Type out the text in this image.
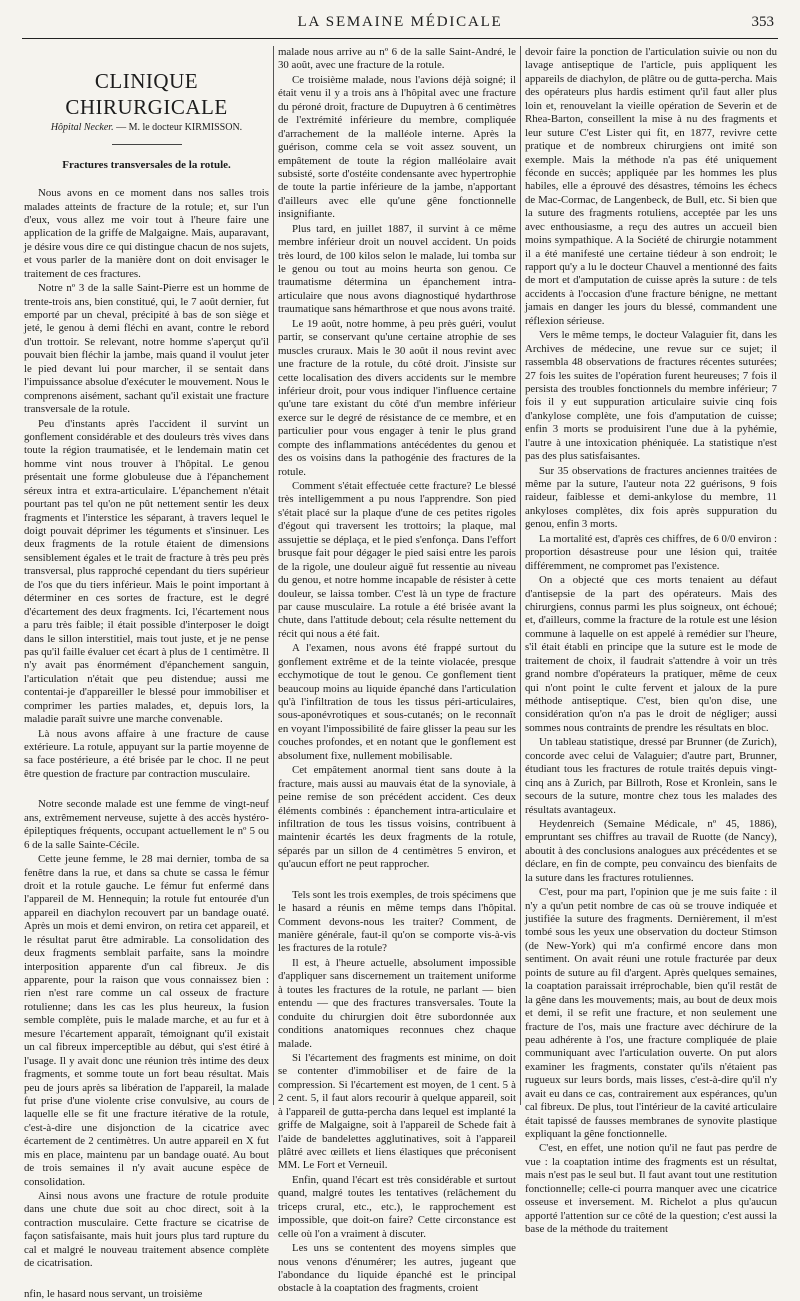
LA SEMAINE MÉDICALE	353
CLINIQUE CHIRURGICALE
Hôpital Necker. — M. le docteur KIRMISSON.
Fractures transversales de la rotule.

Nous avons en ce moment dans nos salles trois malades atteints de fracture de la rotule; et, sur l'un d'eux, vous allez me voir tout à l'heure faire une application de la griffe de Malgaigne. Mais, auparavant, je désire vous dire ce qui distingue chacun de nos sujets, et vous parler de la manière dont on doit envisager le traitement de ces fractures.

Notre nº 3 de la salle Saint-Pierre est un homme de trente-trois ans, bien constitué, qui, le 7 août dernier, fut emporté par un cheval, précipité à bas de son siège et jeté, le genou à demi fléchi en avant, contre le rebord d'un trottoir. Se relevant, notre homme s'aperçut qu'il pouvait bien fléchir la jambe, mais quand il voulut jeter le pied devant lui pour marcher, il se sentait dans l'impuissance absolue d'exécuter le mouvement. Nous le comprenons aisément, sachant qu'il existait une fracture transversale de la rotule.

Peu d'instants après l'accident il survint un gonflement considérable et des douleurs très vives dans toute la région traumatisée, et le lendemain matin cet homme vint nous trouver à l'hôpital. Le genou présentait une forme globuleuse due à l'épanchement séreux intra et extra-articulaire. L'épanchement n'était pourtant pas tel qu'on ne pût nettement sentir les deux fragments et l'interstice les séparant, à travers lequel le doigt pouvait déprimer les téguments et s'insinuer. Les deux fragments de la rotule étaient de dimensions sensiblement égales et le trait de fracture à très peu près transversal, plus rapproché cependant du tiers supérieur de l'os que du tiers inférieur. Mais le point important à déterminer en ces sortes de fracture, est le degré d'écartement des deux fragments. Ici, l'écartement nous a paru très faible; il était possible d'interposer le doigt dans le sillon interstitiel, mais tout juste, et je ne pense pas qu'il faille évaluer cet écart à plus de 1 centimètre. Il n'y avait pas énormément d'épanchement sanguin, l'articulation n'était que peu distendue; aussi me contentai-je d'appareiller le blessé pour immobiliser et comprimer les parties malades, et, depuis lors, la maladie paraît suivre une marche convenable.

Là nous avons affaire à une fracture de cause extérieure. La rotule, appuyant sur la partie moyenne de sa face postérieure, a été brisée par le choc. Il ne peut être question de fracture par contraction musculaire.

Notre seconde malade est une femme de vingt-neuf ans, extrêmement nerveuse, sujette à des accès hystéro-épileptiques fréquents, occupant actuellement le nº 5 ou 6 de la salle Sainte-Cécile.

Cette jeune femme, le 28 mai dernier, tomba de sa fenêtre dans la rue, et dans sa chute se cassa le fémur droit et la rotule gauche. Le fémur fut enfermé dans l'appareil de M. Hennequin; la rotule fut entourée d'un appareil en diachylon recouvert par un bandage ouaté. Après un mois et demi environ, on retira cet appareil, et le résultat parut être admirable. La consolidation des deux fragments semblait parfaite, sans la moindre interposition apparente d'un cal fibreux. Je dis apparente, pour la raison que vous connaissez bien : rien n'est rare comme un cal osseux de fracture rotulienne; dans les cas les plus heureux, la fusion semble complète, puis le malade marche, et au fur et à mesure l'écartement apparaît, témoignant qu'il existait un cal fibreux imperceptible au début, qui s'est étiré à l'usage. Il y avait donc une réunion très intime des deux fragments, et somme toute un fort beau résultat. Mais peu de jours après sa libération de l'appareil, la malade fut prise d'une violente crise convulsive, au cours de laquelle elle se fit une fracture itérative de la rotule, c'est-à-dire une disjonction de la cicatrice avec écartement de 2 centimètres. Un autre appareil en X fut mis en place, maintenu par un bandage ouaté. Au bout de trois semaines il n'y avait aucune espèce de consolidation.

Ainsi nous avons une fracture de rotule produite dans une chute due soit au choc direct, soit à la contraction musculaire. Cette fracture se cicatrise de façon satisfaisante, mais huit jours plus tard rupture du cal et malgré le nouveau traitement absence complète de cicatrisation.

nfin, le hasard nous servant, un troisième

malade nous arrive au nº 6 de la salle Saint-André, le 30 août, avec une fracture de la rotule.

Ce troisième malade, nous l'avions déjà soigné; il était venu il y a trois ans à l'hôpital avec une fracture du péroné droit, fracture de Dupuytren à 6 centimètres de l'extrémité inférieure du membre, compliquée d'arrachement de la malléole interne. Après la guérison, comme cela se voit assez souvent, un empâtement de toute la région malléolaire avait subsisté, sorte d'ostéite condensante avec hypertrophie de toute la partie inférieure de la jambe, n'apportant d'ailleurs avec elle qu'une gêne fonctionnelle insignifiante.

Plus tard, en juillet 1887, il survint à ce même membre inférieur droit un nouvel accident. Un poids très lourd, de 100 kilos selon le malade, lui tomba sur le genou ou tout au moins heurta son genou. Ce traumatisme détermina un épanchement intra-articulaire que nous avons diagnostiqué hydarthrose traumatique sans hémarthrose et que nous avons traité.

Le 19 août, notre homme, à peu près guéri, voulut partir, se conservant qu'une certaine atrophie de ses muscles cruraux. Mais le 30 août il nous revint avec une fracture de la rotule, du côté droit. J'insiste sur cette localisation des divers accidents sur le membre inférieur droit, pour vous indiquer l'influence certaine qu'une tare existant du côté d'un membre inférieur exerce sur le degré de résistance de ce membre, et en particulier pour vous engager à tenir le plus grand compte des inflammations antécédentes du genou et des os voisins dans la pathogénie des fractures de la rotule.

Comment s'était effectuée cette fracture? Le blessé très intelligemment a pu nous l'apprendre. Son pied s'était placé sur la plaque d'une de ces petites rigoles d'égout qui traversent les trottoirs; la plaque, mal assujettie se déplaça, et le pied s'enfonça. Dans l'effort brusque fait pour dégager le pied saisi entre les parois de la rigole, une douleur aiguë fut ressentie au niveau du genou, et notre homme incapable de résister à cette douleur, se laissa tomber. C'est là un type de fracture par cause musculaire. La rotule a été brisée avant la chute, dans l'attitude debout; cela résulte nettement du récit qui nous a été fait.

A l'examen, nous avons été frappé surtout du gonflement extrême et de la teinte violacée, presque ecchymotique de tout le genou. Ce gonflement tient beaucoup moins au liquide épanché dans l'articulation qu'à l'infiltration de tous les tissus péri-articulaires, sous-aponévrotiques et sous-cutanés; on le reconnaît en voyant l'impossibilité de faire glisser la peau sur les couches profondes, et en notant que le gonflement est absolument fixe, nullement mobilisable.

Cet empâtement anormal tient sans doute à la fracture, mais aussi au mauvais état de la synoviale, à peine remise de son précédent accident. Ces deux éléments combinés : épanchement intra-articulaire et infiltration de tous les tissus voisins, contribuent à maintenir écartés les deux fragments de la rotule, séparés par un sillon de 4 centimètres 5 environ, et qu'aucun effort ne peut rapprocher.

Tels sont les trois exemples, de trois spécimens que le hasard a réunis en même temps dans l'hôpital. Comment devons-nous les traiter? Comment, de manière générale, faut-il qu'on se comporte vis-à-vis les fractures de la rotule?

Il est, à l'heure actuelle, absolument impossible d'appliquer sans discernement un traitement uniforme à toutes les fractures de la rotule, ne parlant — bien entendu — que des fractures transversales. Toute la conduite du chirurgien doit être subordonnée aux conditions anatomiques reconnues chez chaque malade.

Si l'écartement des fragments est minime, on doit se contenter d'immobiliser et de faire de la compression. Si l'écartement est moyen, de 1 cent. 5 à 2 cent. 5, il faut alors recourir à quelque appareil, soit à l'appareil de gutta-percha dans lequel est implanté la griffe de Malgaigne, soit à l'appareil de Schede fait à l'aide de bandelettes agglutinatives, soit à l'appareil plâtré avec œillets et liens élastiques que préconisent MM. Le Fort et Verneuil.

Enfin, quand l'écart est très considérable et surtout quand, malgré toutes les tentatives (relâchement du triceps crural, etc., etc.), le rapprochement est impossible, que doit-on faire? Cette circonstance est celle où l'on a vraiment à discuter.

Les uns se contentent des moyens simples que nous venons d'énumérer; les autres, jugeant que l'abondance du liquide épanché est le principal obstacle à la coaptation des fragments, croient

devoir faire la ponction de l'articulation suivie ou non du lavage antiseptique de l'article, puis appliquent les appareils de diachylon, de plâtre ou de gutta-percha. Mais des opérateurs plus hardis estiment qu'il faut aller plus loin et, renouvelant la vieille opération de Severin et de Rhea-Barton, conseillent la mise à nu des fragments et leur suture C'est Lister qui fit, en 1877, revivre cette pratique et de nombreux chirurgiens ont imité son exemple. Mais la méthode n'a pas été uniquement féconde en succès; appliquée par les hommes les plus habiles, elle a éprouvé des désastres, témoins les échecs de Mac-Cormac, de Langenbeck, de Bull, etc. Si bien que la suture des fragments rotuliens, acceptée par les uns avec enthousiasme, a reçu des autres un accueil bien moins sympathique. A la Société de chirurgie notamment il a été manifesté une certaine tiédeur à son endroit; le rapport qu'y a lu le docteur Chauvel a mentionné des faits de mort et d'amputation de cuisse après la suture : de tels accidents à l'occasion d'une fracture bénigne, ne mettant jamais en danger les jours du blessé, commandent une réflexion sérieuse.

Vers le même temps, le docteur Valaguier fit, dans les Archives de médecine, une revue sur ce sujet; il rassembla 48 observations de fractures récentes suturées; 27 fois les suites de l'opération furent heureuses; 7 fois il persista des troubles fonctionnels du membre inférieur; 7 fois il y eut suppuration articulaire suivie cinq fois d'ankylose complète, une fois d'amputation de cuisse; enfin 3 morts se produisirent l'une due à la pyhémie, l'autre à une intoxication phéniquée. La statistique n'est pas des plus satisfaisantes.

Sur 35 observations de fractures anciennes traitées de même par la suture, l'auteur nota 22 guérisons, 9 fois raideur, faiblesse et demi-ankylose du membre, 11 ankyloses complètes, dix fois après suppuration du genou, enfin 3 morts.

La mortalité est, d'après ces chiffres, de 6 0/0 environ : proportion désastreuse pour une lésion qui, traitée différemment, ne compromet pas l'existence.

On a objecté que ces morts tenaient au défaut d'antisepsie de la part des opérateurs. Mais des chirurgiens, connus parmi les plus soigneux, ont échoué; et, d'ailleurs, comme la fracture de la rotule est une lésion commune à laquelle on est appelé à remédier sur l'heure, s'il était établi en principe que la suture est le mode de traitement de choix, il faudrait s'attendre à voir un très grand nombre d'opérateurs la pratiquer, même de ceux qui n'ont point le culte fervent et jaloux de la pure méthode antiseptique. C'est, bien qu'on dise, une considération qu'on n'a pas le droit de négliger; aussi sommes nous contraints de prendre les résultats en bloc.

Un tableau statistique, dressé par Brunner (de Zurich), concorde avec celui de Valaguier; d'autre part, Brunner, étudiant tous les fractures de rotule traités depuis vingt-cinq ans à Zurich, par Billroth, Rose et Kronlein, sans le secours de la suture, montre chez tous les malades des résultats avantageux.

Heydenreich (Semaine Médicale, nº 45, 1886), empruntant ses chiffres au travail de Ruotte (de Nancy), aboutit à des conclusions analogues aux précédentes et se déclare, en fin de compte, peu convaincu des bienfaits de la suture dans les fractures rotuliennes.

C'est, pour ma part, l'opinion que je me suis faite : il n'y a qu'un petit nombre de cas où se trouve indiquée et justifiée la suture des fragments. Dernièrement, il m'est tombé sous les yeux une observation du docteur Stimson (de New-York) qui m'a confirmé encore dans mon sentiment. On avait réuni une rotule fracturée par deux points de suture au fil d'argent. Après quelques semaines, la coaptation paraissait irréprochable, bien qu'il restât de la gêne dans les mouvements; mais, au bout de deux mois et demi, il se refit une fracture, et non seulement une fracture de l'os, mais une fracture avec déchirure de la peau adhérente à l'os, une fracture compliquée de plaie communiquant avec l'articulation ouverte. On put alors examiner les fragments, constater qu'ils n'étaient pas rugueux sur leurs bords, mais lisses, c'est-à-dire qu'il n'y avait eu dans ce cas, contrairement aux espérances, qu'un cal fibreux. De plus, tout l'intérieur de la cavité articulaire était tapissé de fausses membranes de synovite plastique expliquant la gêne fonctionnelle.

C'est, en effet, une notion qu'il ne faut pas perdre de vue : la coaptation intime des fragments est un résultat, mais n'est pas le seul but. Il faut avant tout une restitution fonctionnelle; celle-ci pourra manquer avec une cicatrice osseuse et inversement. M. Richelot a plus qu'aucun apporté l'attention sur ce côté de la question; c'est aussi la base de la méthode du traitement
